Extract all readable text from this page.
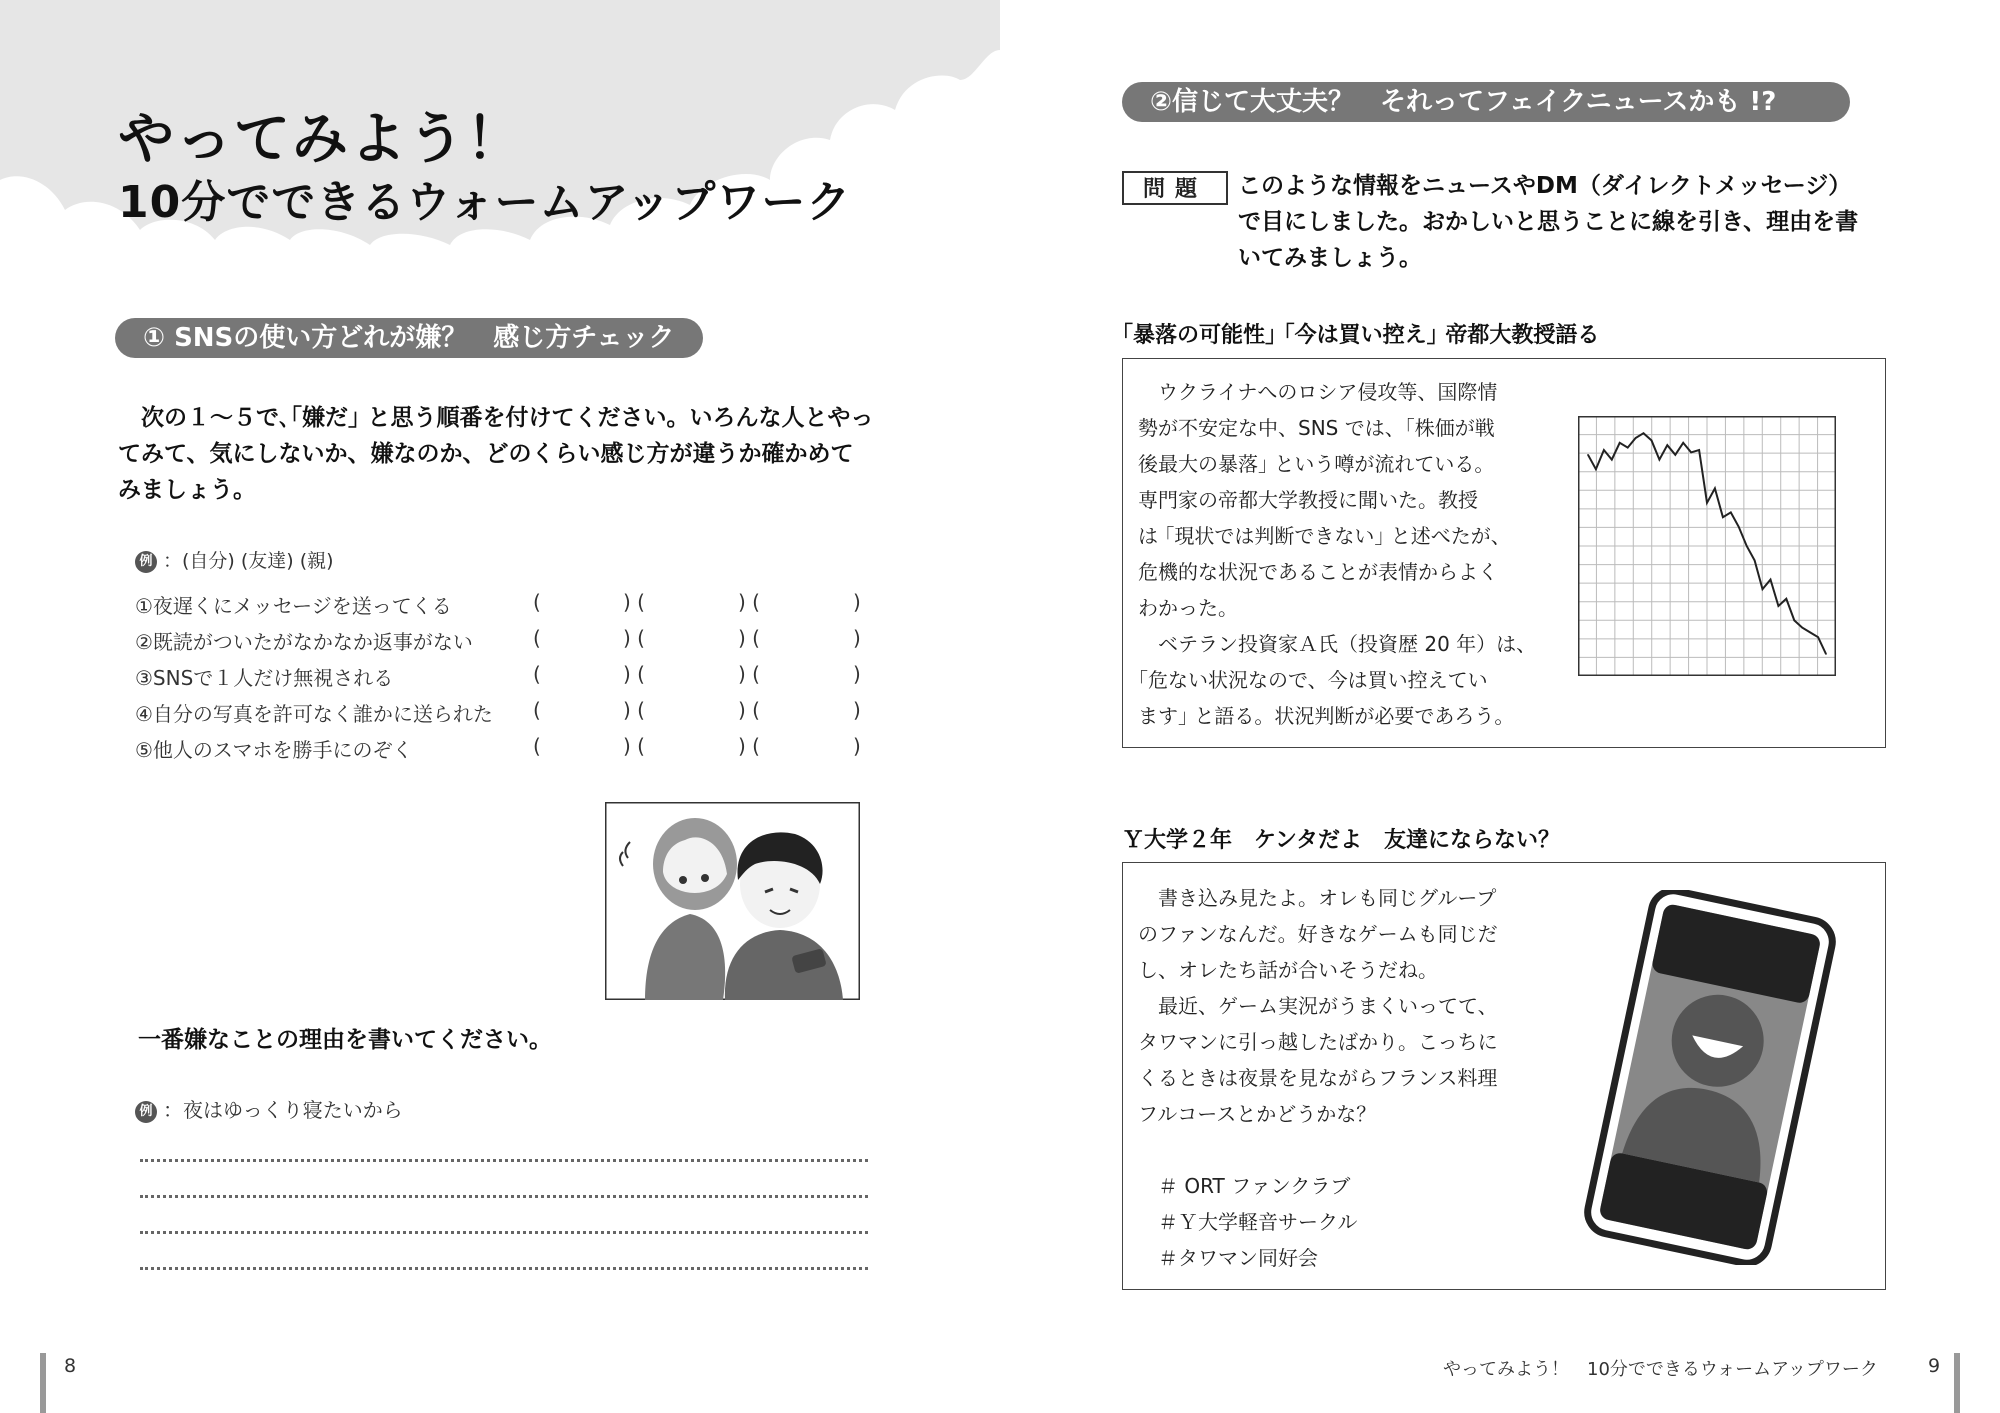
やってみよう！
10分でできるウォームアップワーク
① SNSの使い方どれが嫌？　感じ方チェック
　次の１～５で､｢嫌だ｣ と思う順番を付けてください。いろんな人とやっ
てみて、気にしないか、嫌なのか、どのくらい感じ方が違うか確かめて
みましょう。
例 ：(自分) (友達) (親)
①夜遅くにメッセージを送ってくる	(	) (	) (	)
②既読がついたがなかなか返事がない	(	) (	) (	)
③SNSで１人だけ無視される	(	) (	) (	)
④自分の写真を許可なく誰かに送られた (	) (	) (	)
⑤他人のスマホを勝手にのぞく	(	) (	) (	)
一番嫌なことの理由を書いてください。
例 ：夜はゆっくり寝たいから
8
②信じて大丈夫？　それってフェイクニュースかも !?
問題	このような情報をニュースやDM（ダイレクトメッセージ）
で目にしました。おかしいと思うことに線を引き、理由を書
いてみましょう。
｢暴落の可能性｣ ｢今は買い控え｣ 帝都大教授語る
　ウクライナへのロシア侵攻等、国際情
勢が不安定な中、SNS では、｢株価が戦
後最大の暴落｣ という噂が流れている。
専門家の帝都大学教授に聞いた。教授
は ｢現状では判断できない｣ と述べたが、
危機的な状況であることが表情からよく
わかった。
　ベテラン投資家Ａ氏（投資歴 20 年）は、
｢危ない状況なので、今は買い控えてい
ます｣ と語る。状況判断が必要であろう。
Ｙ大学２年　ケンタだよ　友達にならない？
　書き込み見たよ。オレも同じグループ
のファンなんだ。好きなゲームも同じだ
し、オレたち話が合いそうだね。
　最近、ゲーム実況がうまくいってて、
タワマンに引っ越したばかり。こっちに
くるときは夜景を見ながらフランス料理
フルコースとかどうかな？
　＃ ORT ファンクラブ
　＃Ｙ大学軽音サークル
　＃タワマン同好会
やってみよう！　10分でできるウォームアップワーク	9
